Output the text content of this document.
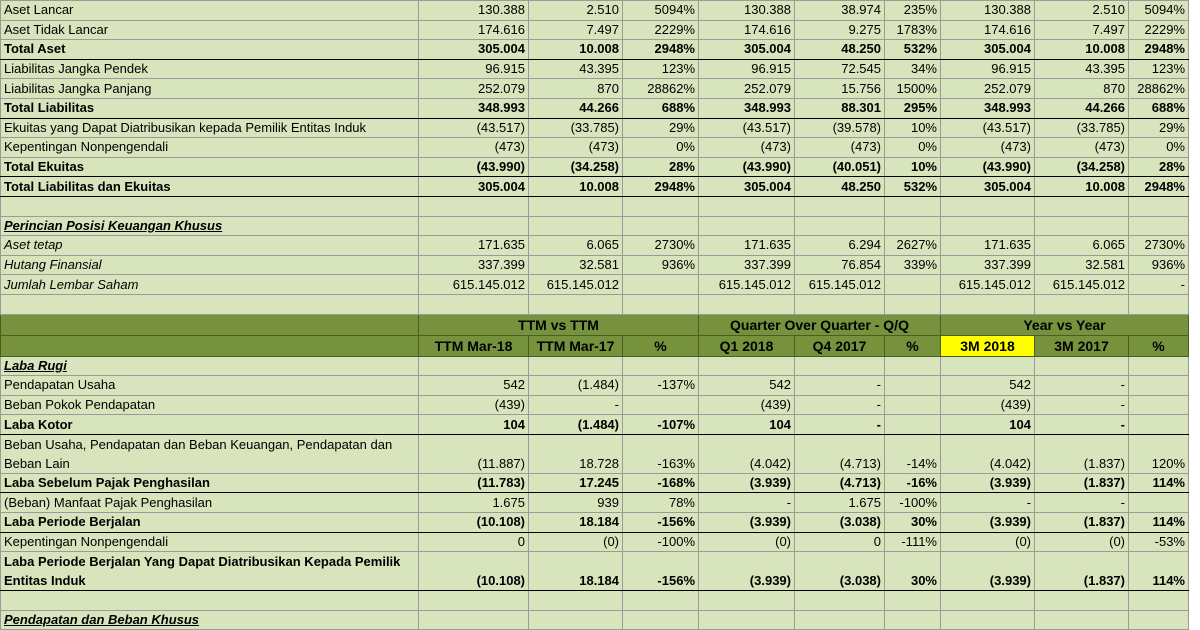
Aset Lancar	130.388	2.510	5094%	130.388	38.974	235%	130.388	2.510	5094%
Aset Tidak Lancar	174.616	7.497	2229%	174.616	9.275	1783%	174.616	7.497	2229%
Total Aset	305.004	10.008	2948%	305.004	48.250	532%	305.004	10.008	2948%
Liabilitas Jangka Pendek	96.915	43.395	123%	96.915	72.545	34%	96.915	43.395	123%
Liabilitas Jangka Panjang	252.079	870	28862%	252.079	15.756	1500%	252.079	870	28862%
Total Liabilitas	348.993	44.266	688%	348.993	88.301	295%	348.993	44.266	688%
Ekuitas yang Dapat Diatribusikan kepada Pemilik Entitas Induk	(43.517)	(33.785)	29%	(43.517)	(39.578)	10%	(43.517)	(33.785)	29%
Kepentingan Nonpengendali	(473)	(473)	0%	(473)	(473)	0%	(473)	(473)	0%
Total Ekuitas	(43.990)	(34.258)	28%	(43.990)	(40.051)	10%	(43.990)	(34.258)	28%
Total Liabilitas dan Ekuitas	305.004	10.008	2948%	305.004	48.250	532%	305.004	10.008	2948%

Perincian Posisi Keuangan Khusus									
Aset tetap	171.635	6.065	2730%	171.635	6.294	2627%	171.635	6.065	2730%
Hutang Finansial	337.399	32.581	936%	337.399	76.854	339%	337.399	32.581	936%
Jumlah Lembar Saham	615.145.012	615.145.012		615.145.012	615.145.012		615.145.012	615.145.012	-

	TTM vs TTM			Quarter Over Quarter - Q/Q			Year vs Year		
	TTM Mar-18	TTM Mar-17	%	Q1 2018	Q4 2017	%	3M 2018	3M 2017	%
Laba Rugi									
Pendapatan Usaha	542	(1.484)	-137%	542	-		542	-	
Beban Pokok Pendapatan	(439)	-		(439)	-		(439)	-	
Laba Kotor	104	(1.484)	-107%	104	-		104	-	
Beban Usaha, Pendapatan dan Beban Keuangan, Pendapatan dan Beban Lain	(11.887)	18.728	-163%	(4.042)	(4.713)	-14%	(4.042)	(1.837)	120%
Laba Sebelum Pajak Penghasilan	(11.783)	17.245	-168%	(3.939)	(4.713)	-16%	(3.939)	(1.837)	114%
(Beban) Manfaat Pajak Penghasilan	1.675	939	78%	-	1.675	-100%	-	-	
Laba Periode Berjalan	(10.108)	18.184	-156%	(3.939)	(3.038)	30%	(3.939)	(1.837)	114%
Kepentingan Nonpengendali	0	(0)	-100%	(0)	0	-111%	(0)	(0)	-53%
Laba Periode Berjalan Yang Dapat Diatribusikan Kepada Pemilik Entitas Induk	(10.108)	18.184	-156%	(3.939)	(3.038)	30%	(3.939)	(1.837)	114%

Pendapatan dan Beban Khusus									
